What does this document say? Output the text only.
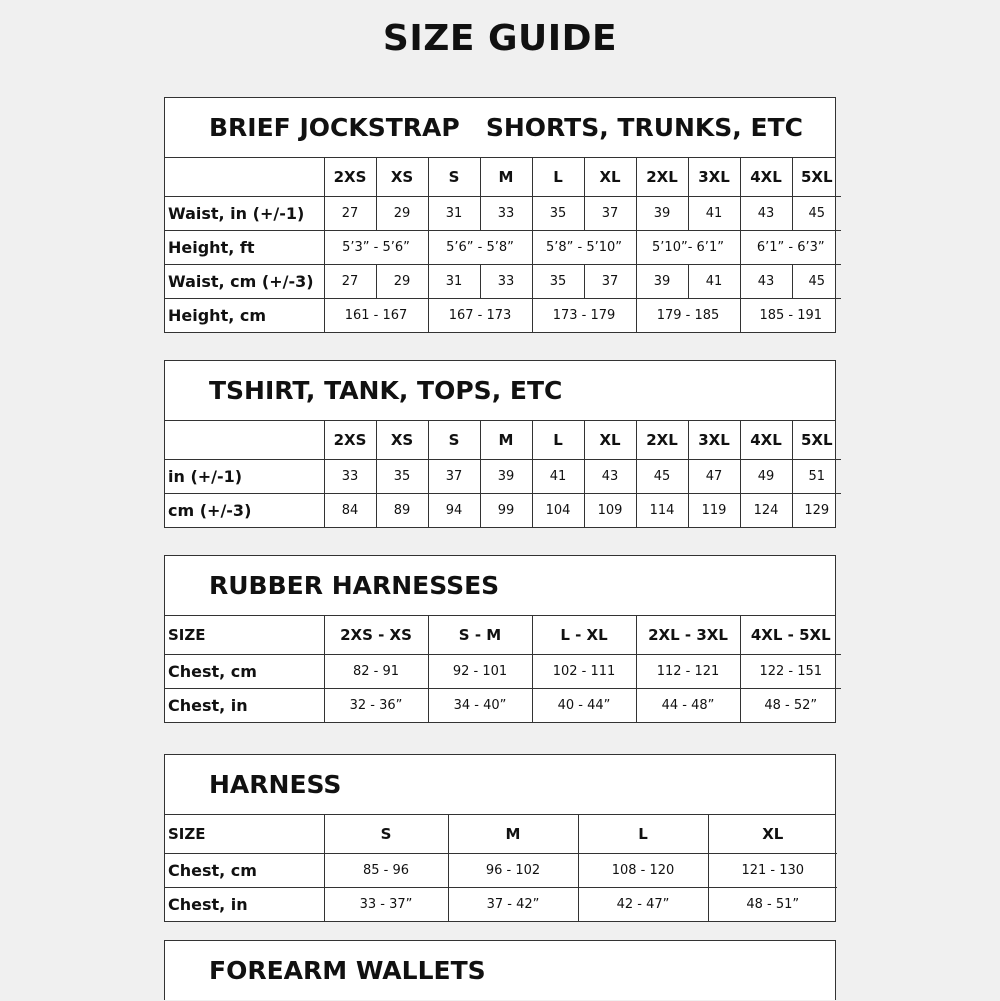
SIZE GUIDE
BRIEF JOCKSTRAP   SHORTS, TRUNKS, ETC
	2XS	XS	S	M	L	XL	2XL	3XL	4XL	5XL
Waist, in (+/-1)	27	29	31	33	35	37	39	41	43	45
Height, ft	5’3” - 5’6”		5’6” - 5’8”		5’8” - 5’10”		5’10”- 6’1”		6’1” - 6’3”	
Waist, cm (+/-3)	27	29	31	33	35	37	39	41	43	45
Height, cm	161 - 167		167 - 173		173 - 179		179 - 185		185 - 191	
TSHIRT, TANK, TOPS, ETC
	2XS	XS	S	M	L	XL	2XL	3XL	4XL	5XL
in (+/-1)	33	35	37	39	41	43	45	47	49	51
cm (+/-3)	84	89	94	99	104	109	114	119	124	129
RUBBER HARNESSES
SIZE	2XS - XS	S - M	L - XL	2XL - 3XL	4XL - 5XL
Chest, cm	82 - 91	92 - 101	102 - 111	112 - 121	122 - 151
Chest, in	32 - 36”	34 - 40”	40 - 44”	44 - 48”	48 - 52”
HARNESS
SIZE	S	M	L	XL
Chest, cm	85 - 96	96 - 102	108 - 120	121 - 130
Chest, in	33 - 37”	37 - 42”	42 - 47”	48 - 51”
FOREARM WALLETS
